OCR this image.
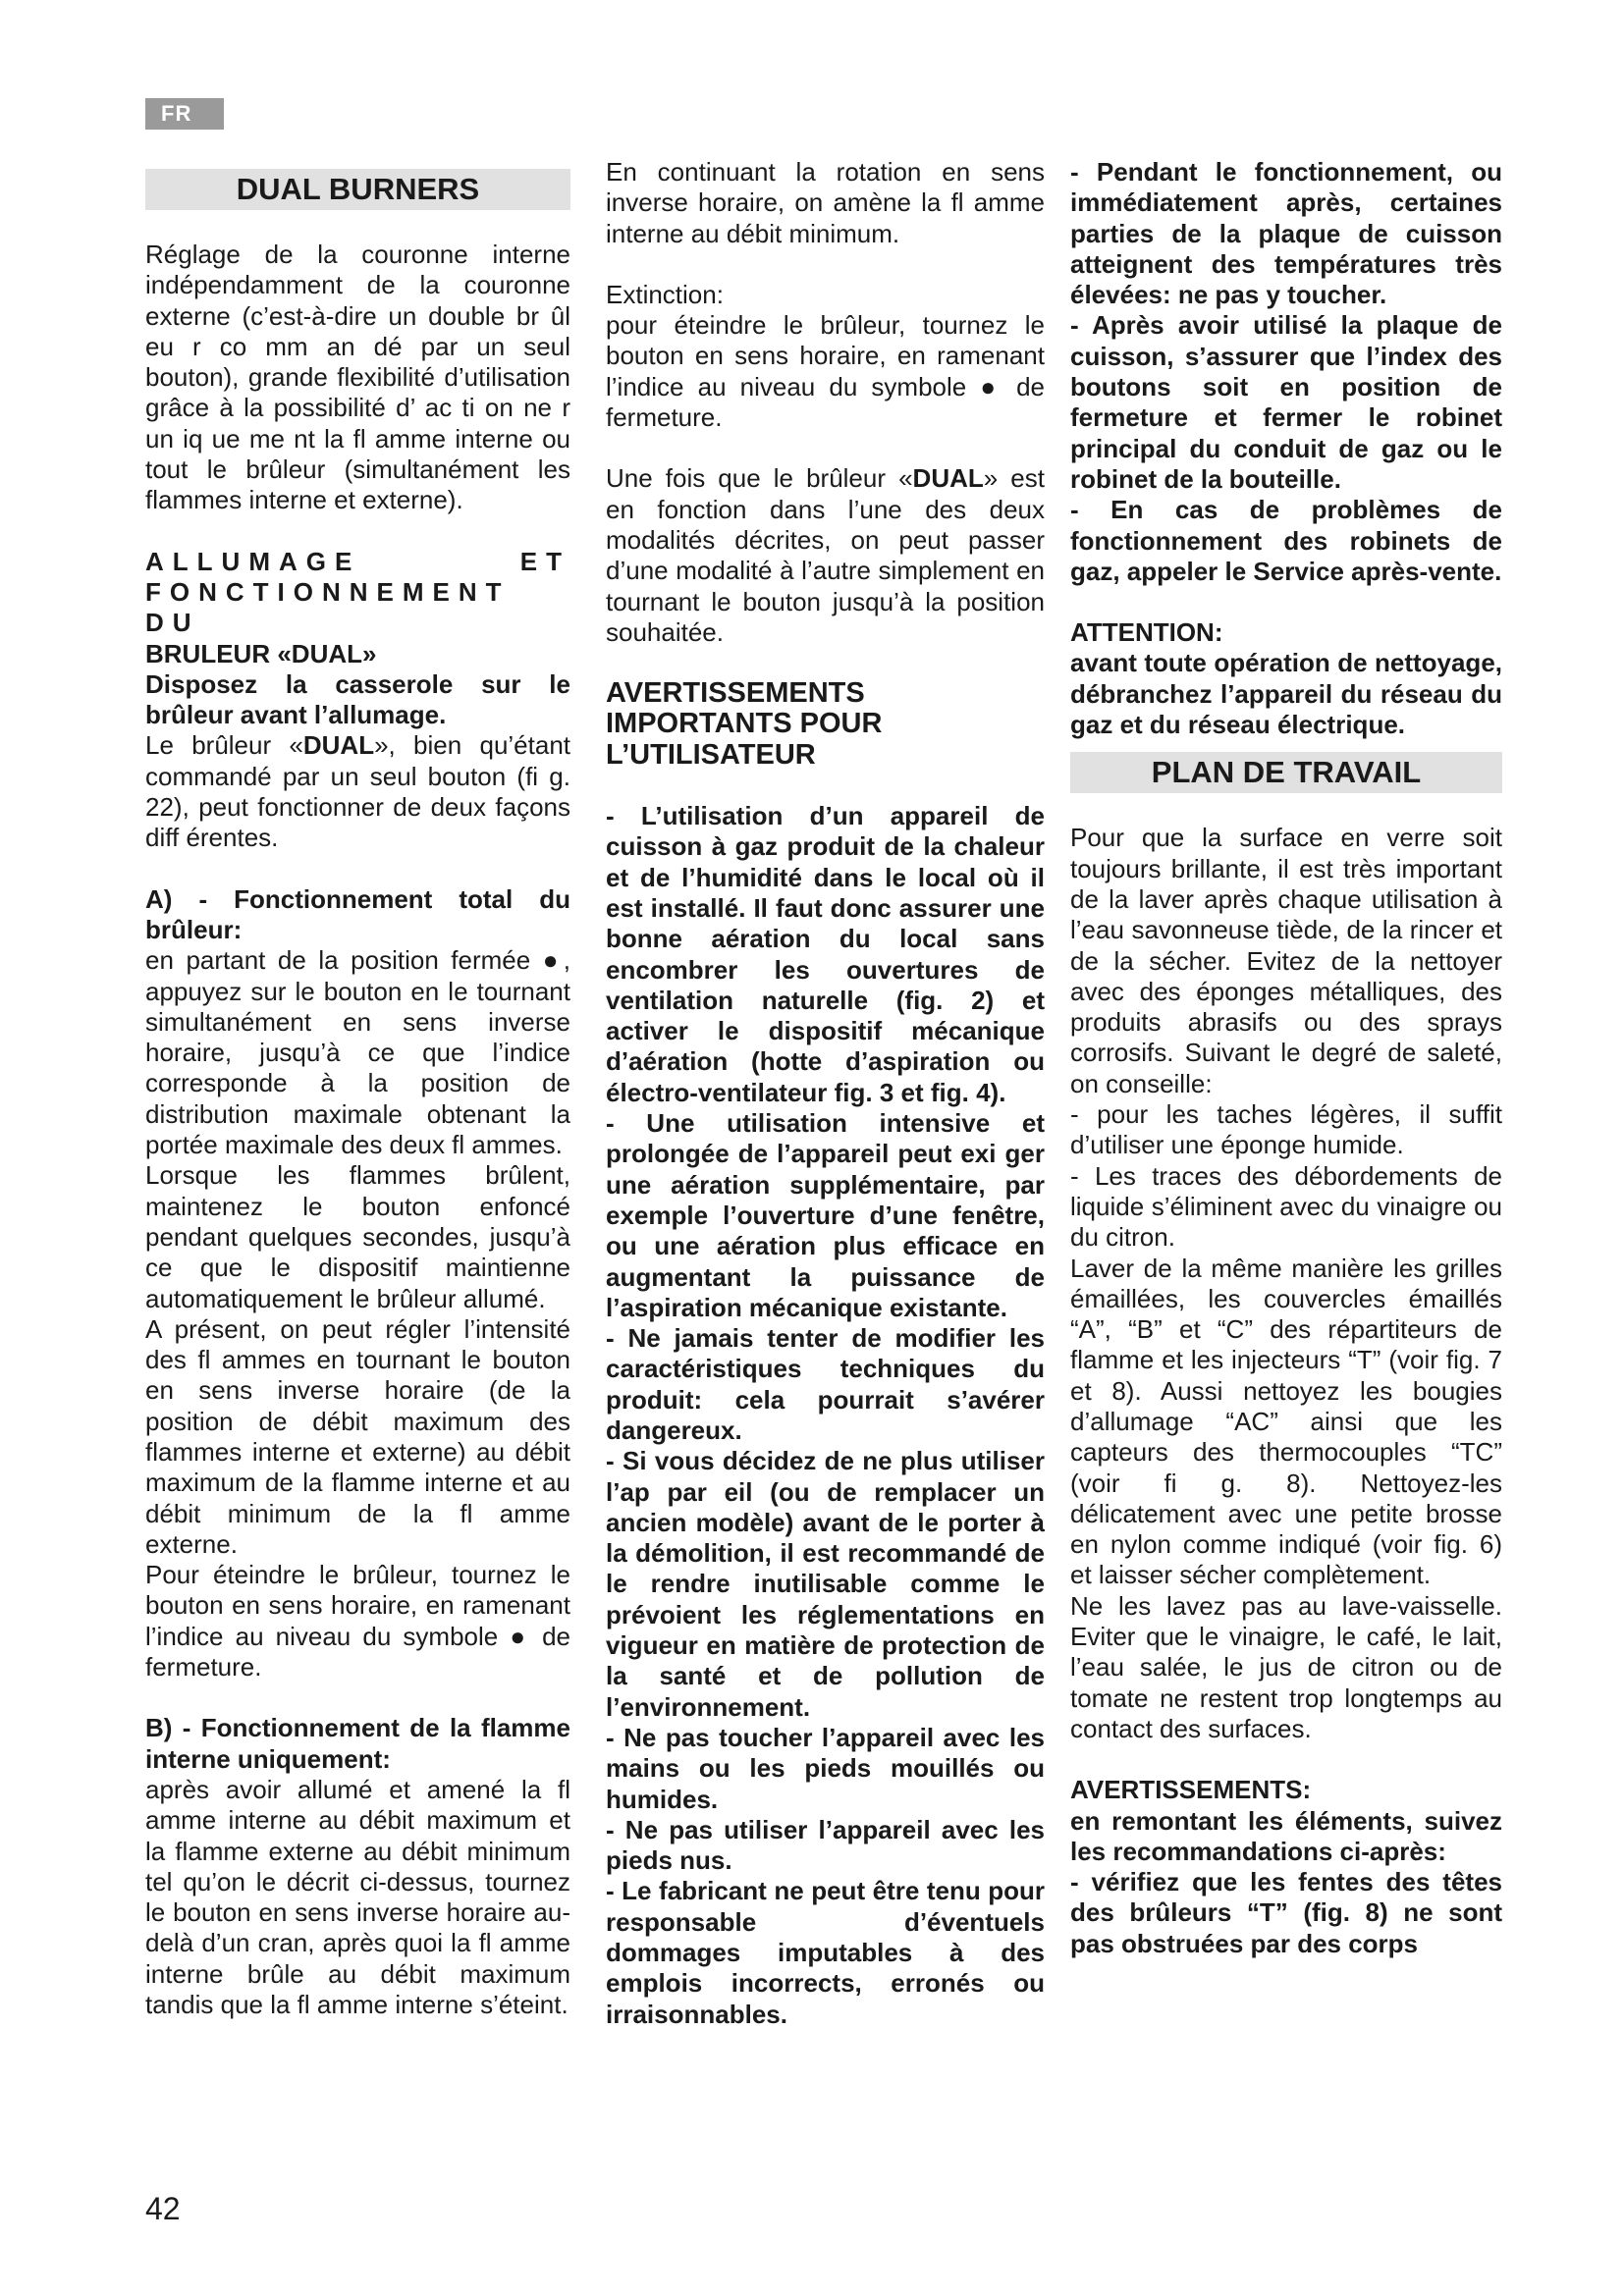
FR
DUAL BURNERS

Réglage de la couronne interne indépendamment de la couronne externe (c’est-à-dire un double br ûl eu r co mm an dé par un seul bouton), grande flexibilité d’utilisation grâce à la possibilité d’ ac ti on ne r un iq ue me nt la fl amme interne ou tout le brûleur (simultanément les flammes interne et externe).

ALLUMAGE ET FONCTIONNEMENT DU

BRULEUR «DUAL»

Disposez la casserole sur le brûleur avant l’allumage.

Le brûleur «DUAL», bien qu’étant commandé par un seul bouton (fi g. 22), peut fonctionner de deux façons diff érentes.

A) - Fonctionnement total du brûleur:

en partant de la position fermée ●, appuyez sur le bouton en le tournant simultanément en sens inverse horaire, jusqu’à ce que l’indice corresponde à la position de distribution maximale obtenant la portée maximale des deux fl ammes.

Lorsque les flammes brûlent, maintenez le bouton enfoncé pendant quelques secondes, jusqu’à ce que le dispositif maintienne automatiquement le brûleur allumé.

A présent, on peut régler l’intensité des fl ammes en tournant le bouton en sens inverse horaire (de la position de débit maximum des flammes interne et externe) au débit maximum de la flamme interne et au débit minimum de la fl amme externe.

Pour éteindre le brûleur, tournez le bouton en sens horaire, en ramenant l’indice au niveau du symbole ● de fermeture.

B) - Fonctionnement de la flamme interne uniquement:

après avoir allumé et amené la fl amme interne au débit maximum et la flamme externe au débit minimum tel qu’on le décrit ci-dessus, tournez le bouton en sens inverse horaire au-delà d’un cran, après quoi la fl amme interne brûle au débit maximum tandis que la fl amme interne s’éteint.

En continuant la rotation en sens inverse horaire, on amène la fl amme interne au débit minimum.

Extinction:

pour éteindre le brûleur, tournez le bouton en sens horaire, en ramenant l’indice au niveau du symbole ● de fermeture.

Une fois que le brûleur «DUAL» est en fonction dans l’une des deux modalités décrites, on peut passer d’une modalité à l’autre simplement en tournant le bouton jusqu’à la position souhaitée.

AVERTISSEMENTS

IMPORTANTS POUR

L’UTILISATEUR

- L’utilisation d’un appareil de cuisson à gaz produit de la chaleur et de l’humidité dans le local où il est installé. Il faut donc assurer une bonne aération du local sans encombrer les ouvertures de ventilation naturelle (fig. 2) et activer le dispositif mécanique d’aération (hotte d’aspiration ou électro-ventilateur fig. 3 et fig. 4).

- Une utilisation intensive et prolongée de l’appareil peut exi ger une aération supplémentaire, par exemple l’ouverture d’une fenêtre, ou une aération plus efficace en augmentant la puissance de l’aspiration mécanique existante.

- Ne jamais tenter de modifier les caractéristiques techniques du produit: cela pourrait s’avérer dangereux.

- Si vous décidez de ne plus utiliser l’ap par eil (ou de remplacer un ancien modèle) avant de le porter à la démolition, il est recommandé de le rendre inutilisable comme le prévoient les réglementations en vigueur en matière de protection de la santé et de pollution de l’environnement.

- Ne pas toucher l’appareil avec les mains ou les pieds mouillés ou humides.

- Ne pas utiliser l’appareil avec les pieds nus.

- Le fabricant ne peut être tenu pour responsable d’éventuels dommages imputables à des emplois incorrects, erronés ou irraisonnables.

- Pendant le fonctionnement, ou immédiatement après, certaines parties de la plaque de cuisson atteignent des températures très élevées: ne pas y toucher.

- Après avoir utilisé la plaque de cuisson, s’assurer que l’index des boutons soit en position de fermeture et fermer le robinet principal du conduit de gaz ou le robinet de la bouteille.

- En cas de problèmes de fonctionnement des robinets de gaz, appeler le Service après-vente.

ATTENTION:

avant toute opération de nettoyage, débranchez l’appareil du réseau du gaz et du réseau électrique.

PLAN DE TRAVAIL

Pour que la surface en verre soit toujours brillante, il est très important de la laver après chaque utilisation à l’eau savonneuse tiède, de la rincer et de la sécher. Evitez de la nettoyer avec des éponges métalliques, des produits abrasifs ou des sprays corrosifs. Suivant le degré de saleté, on conseille:

- pour les taches légères, il suffit d’utiliser une éponge humide.

- Les traces des débordements de liquide s’éliminent avec du vinaigre ou du citron.

Laver de la même manière les grilles émaillées, les couvercles émaillés “A”, “B” et “C” des répartiteurs de flamme et les injecteurs “T” (voir fig. 7 et 8). Aussi nettoyez les bougies d’allumage “AC” ainsi que les capteurs des thermocouples “TC” (voir fi g. 8). Nettoyez-les délicatement avec une petite brosse en nylon comme indiqué (voir fig. 6) et laisser sécher complètement.

Ne les lavez pas au lave-vaisselle. Eviter que le vinaigre, le café, le lait, l’eau salée, le jus de citron ou de tomate ne restent trop longtemps au contact des surfaces.

AVERTISSEMENTS:

en remontant les éléments, suivez les recommandations ci-après:

- vérifiez que les fentes des têtes des brûleurs “T” (fig. 8) ne sont pas obstruées par des corps

42
